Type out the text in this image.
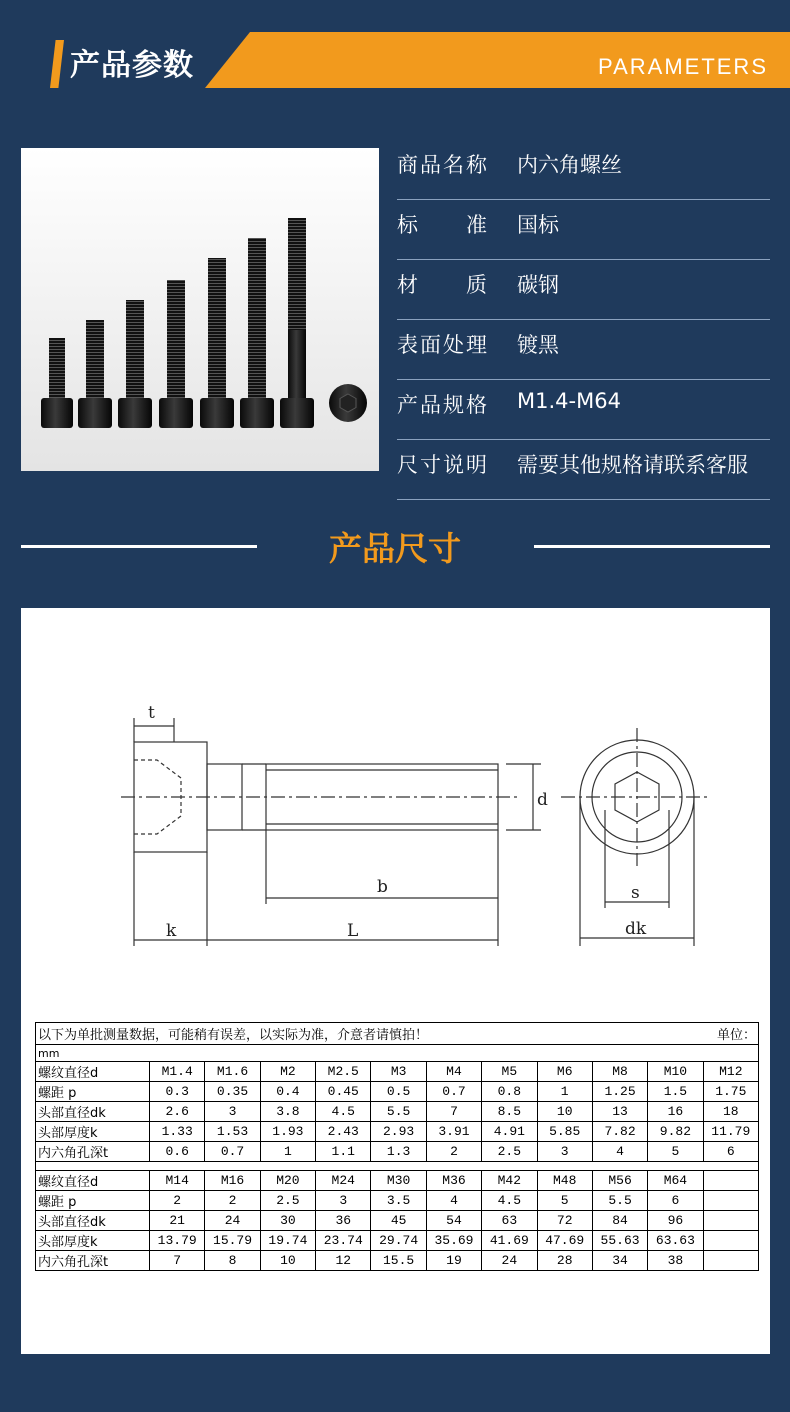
产品参数	PARAMETERS
商品名称 内六角螺丝
标准 国标
材质 碳钢
表面处理 镀黑
产品规格 M1.4-M64
尺寸说明 需要其他规格请联系客服
产品尺寸
t
d
b
k	L
s
dk
以下为单批测量数据，可能稍有误差，以实际为准，介意者请慎拍！										单位：	
mm											
螺纹直径d	M1.4	M1.6	M2	M2.5	M3	M4	M5	M6	M8	M10	M12
螺距 p	0.3	0.35	0.4	0.45	0.5	0.7	0.8	1	1.25	1.5	1.75
头部直径dk	2.6	3	3.8	4.5	5.5	7	8.5	10	13	16	18
头部厚度k	1.33	1.53	1.93	2.43	2.93	3.91	4.91	5.85	7.82	9.82	11.79
内六角孔深t	0.6	0.7	1	1.1	1.3	2	2.5	3	4	5	6

螺纹直径d	M14	M16	M20	M24	M30	M36	M42	M48	M56	M64	
螺距 p	2	2	2.5	3	3.5	4	4.5	5	5.5	6	
头部直径dk	21	24	30	36	45	54	63	72	84	96	
头部厚度k	13.79	15.79	19.74	23.74	29.74	35.69	41.69	47.69	55.63	63.63	
内六角孔深t	7	8	10	12	15.5	19	24	28	34	38	
